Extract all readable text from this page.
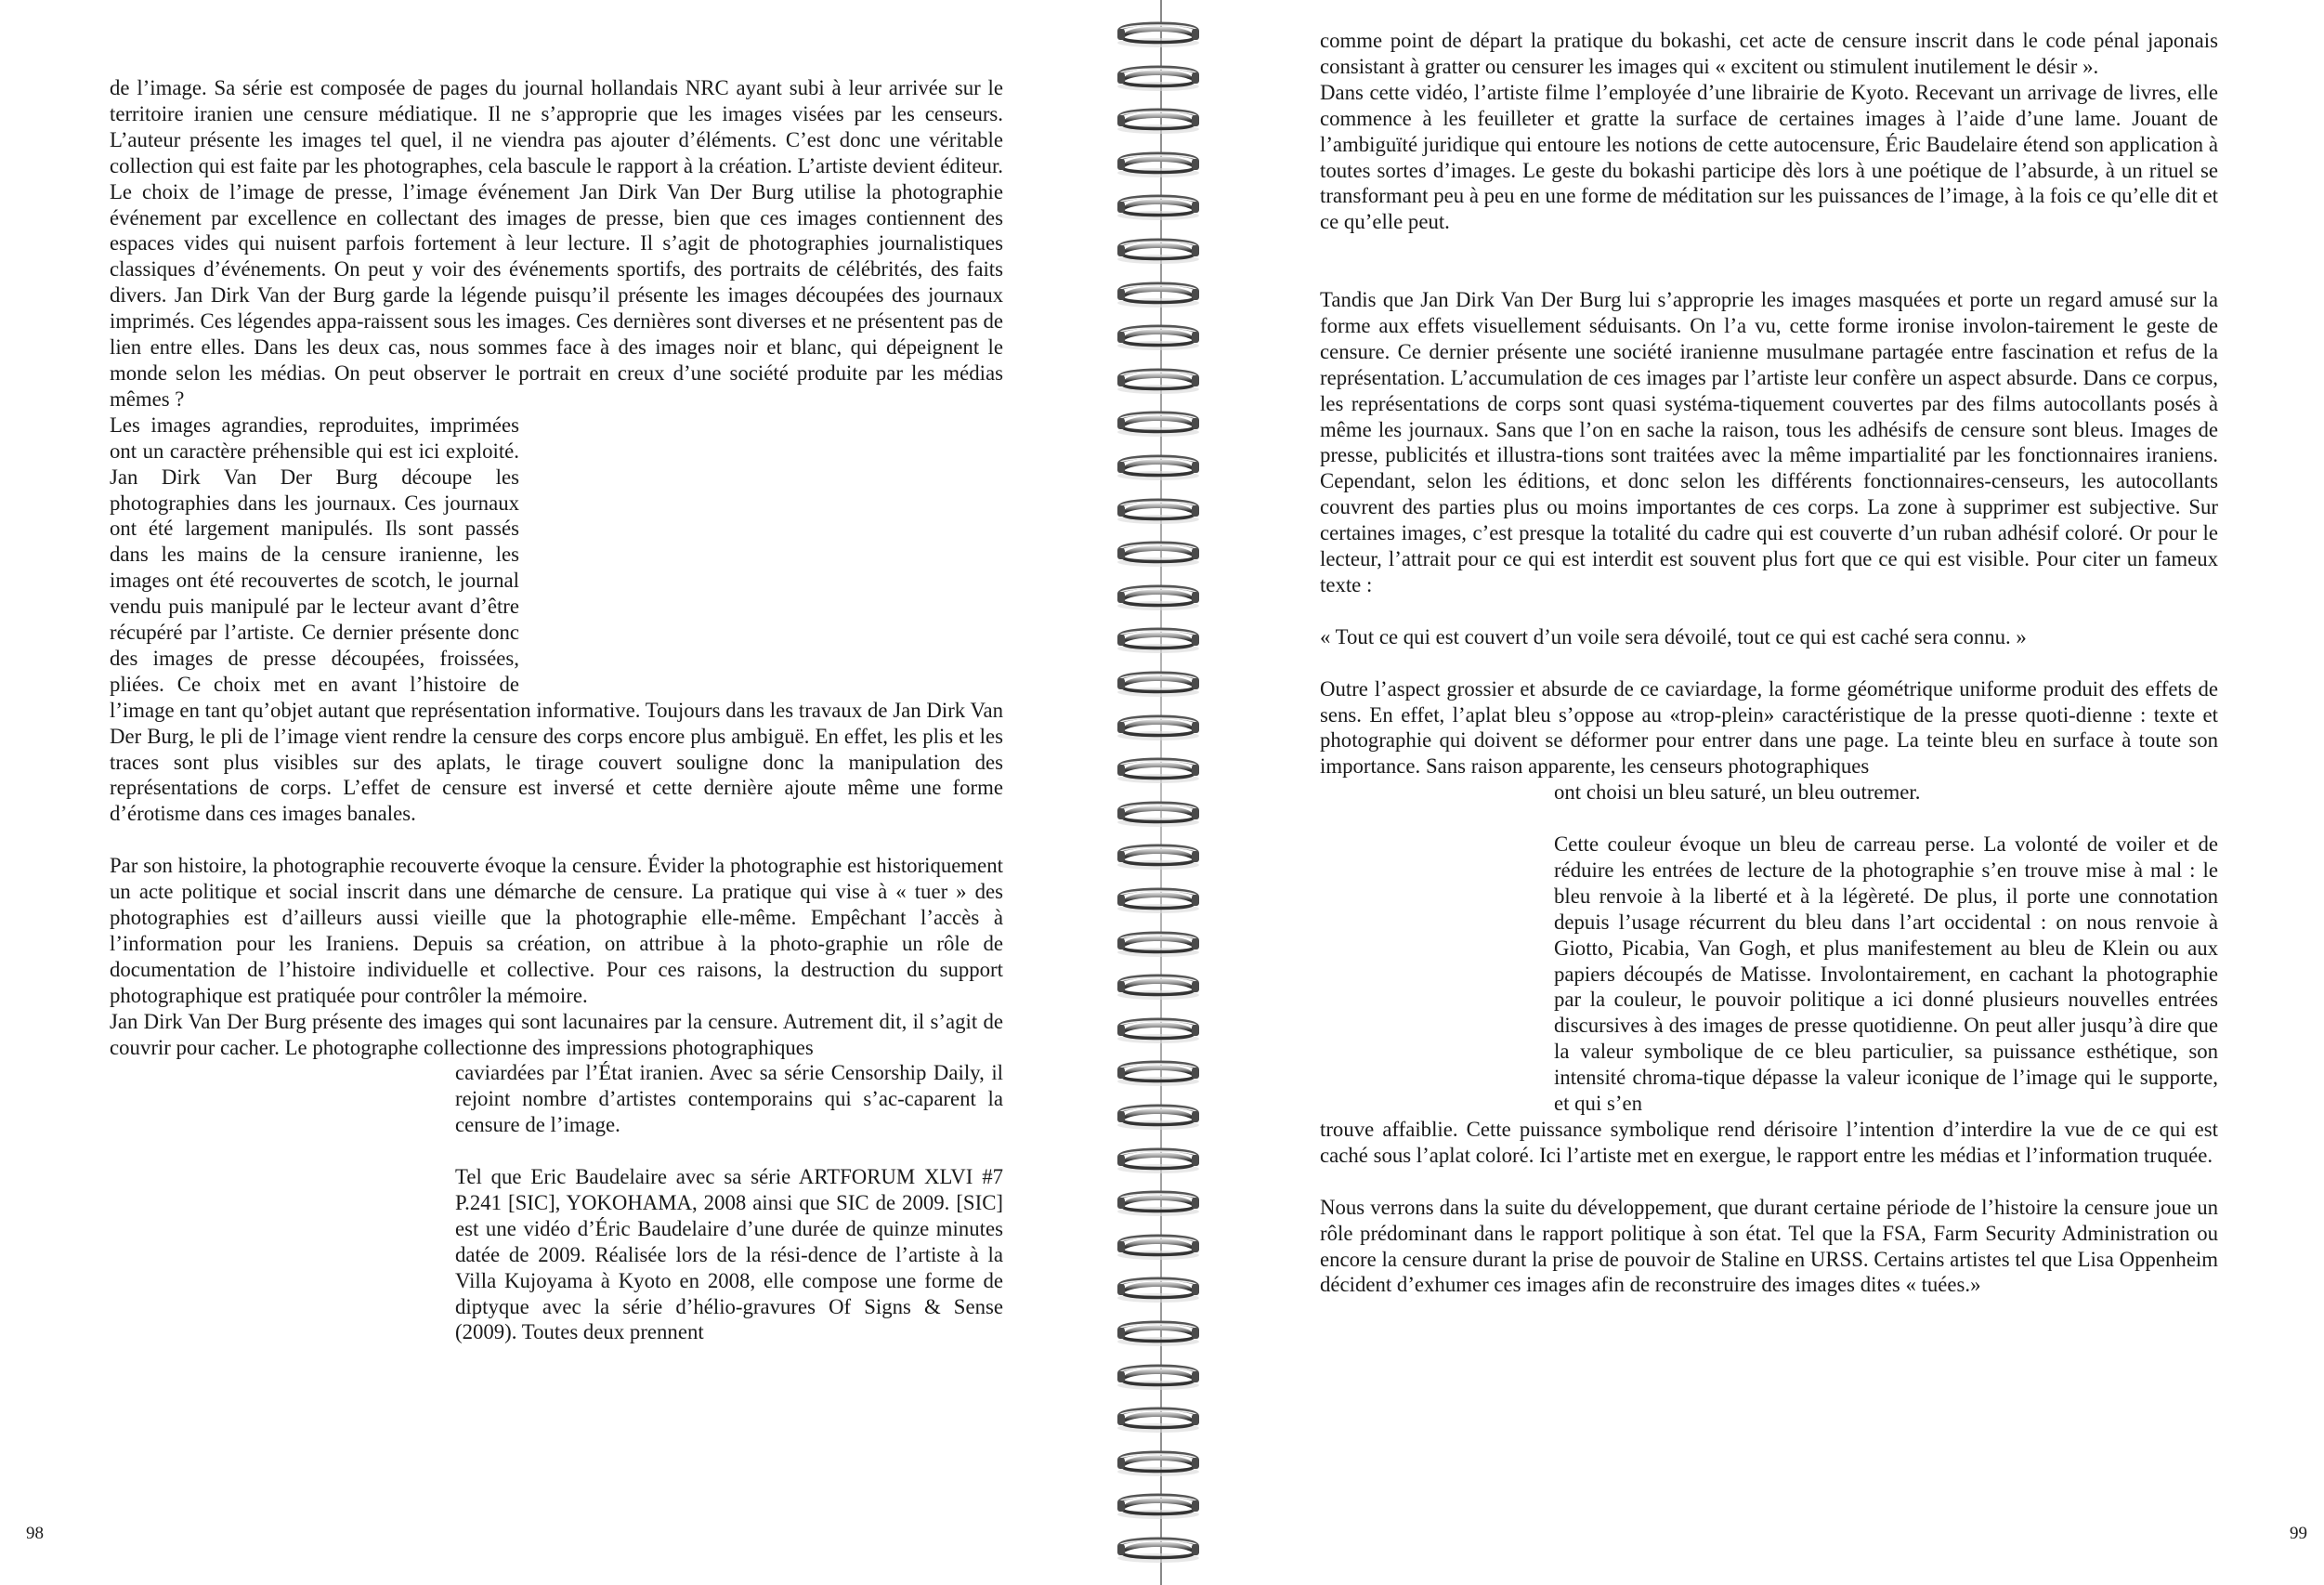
de l’image. Sa série est composée de pages du journal hollandais NRC ayant subi à leur arrivée sur le territoire iranien une censure médiatique. Il ne s’approprie que les images visées par les censeurs. L’auteur présente les images tel quel, il ne viendra pas ajouter d’éléments. C’est donc une véritable collection qui est faite par les photographes, cela bascule le rapport à la création. L’artiste devient éditeur. Le choix de l’image de presse, l’image événement Jan Dirk Van Der Burg utilise la photographie événement par excellence en collectant des images de presse, bien que ces images contiennent des espaces vides qui nuisent parfois fortement à leur lecture. Il s’agit de photographies journalistiques classiques d’événements. On peut y voir des événements sportifs, des portraits de célébrités, des faits divers. Jan Dirk Van der Burg garde la légende puisqu’il présente les images découpées des journaux imprimés. Ces légendes appa-raissent sous les images. Ces dernières sont diverses et ne présentent pas de lien entre elles. Dans les deux cas, nous sommes face à des images noir et blanc, qui dépeignent le monde selon les médias. On peut observer le portrait en creux d’une société produite par les médias mêmes ?

Les images agrandies, reproduites, imprimées ont un caractère préhensible qui est ici exploité. Jan Dirk Van Der Burg découpe les photographies dans les journaux. Ces journaux ont été largement manipulés. Ils sont passés dans les mains de la censure iranienne, les images ont été recouvertes de scotch, le journal vendu puis manipulé par le lecteur avant d’être récupéré par l’artiste. Ce dernier présente donc des images de presse découpées, froissées, pliées. Ce choix met en avant l’histoire de l’image en tant qu’objet autant que représentation informative. Toujours dans les travaux de Jan Dirk Van Der Burg, le pli de l’image vient rendre la censure des corps encore plus ambiguë. En effet, les plis et les traces sont plus visibles sur des aplats, le tirage couvert souligne donc la manipulation des représentations de corps. L’effet de censure est inversé et cette dernière ajoute même une forme d’érotisme dans ces images banales.

Par son histoire, la photographie recouverte évoque la censure. Évider la photographie est historiquement un acte politique et social inscrit dans une démarche de censure. La pratique qui vise à « tuer » des photographies est d’ailleurs aussi vieille que la photographie elle-même. Empêchant l’accès à l’information pour les Iraniens. Depuis sa création, on attribue à la photo-graphie un rôle de documentation de l’histoire individuelle et collective. Pour ces raisons, la destruction du support photographique est pratiquée pour contrôler la mémoire.

Jan Dirk Van Der Burg présente des images qui sont lacunaires par la censure. Autrement dit, il s’agit de couvrir pour cacher. Le photographe collectionne des impressions photographiques

caviardées par l’État iranien. Avec sa série Censorship Daily, il rejoint nombre d’artistes contemporains qui s’ac-caparent la censure de l’image.

Tel que Eric Baudelaire avec sa série ARTFORUM XLVI #7 P.241 [SIC], YOKOHAMA, 2008 ainsi que SIC de 2009. [SIC] est une vidéo d’Éric Baudelaire d’une durée de quinze minutes datée de 2009. Réalisée lors de la rési-dence de l’artiste à la Villa Kujoyama à Kyoto en 2008, elle compose une forme de diptyque avec la série d’hélio-gravures Of Signs & Sense (2009). Toutes deux prennent

98

comme point de départ la pratique du bokashi, cet acte de censure inscrit dans le code pénal japonais consistant à gratter ou censurer les images qui « excitent ou stimulent inutilement le désir ».

Dans cette vidéo, l’artiste filme l’employée d’une librairie de Kyoto. Recevant un arrivage de livres, elle commence à les feuilleter et gratte la surface de certaines images à l’aide d’une lame. Jouant de l’ambiguïté juridique qui entoure les notions de cette autocensure, Éric Baudelaire étend son application à toutes sortes d’images. Le geste du bokashi participe dès lors à une poétique de l’absurde, à un rituel se transformant peu à peu en une forme de méditation sur les puissances de l’image, à la fois ce qu’elle dit et ce qu’elle peut.

Tandis que Jan Dirk Van Der Burg lui s’approprie les images masquées et porte un regard amusé sur la forme aux effets visuellement séduisants. On l’a vu, cette forme ironise involon-tairement le geste de censure. Ce dernier présente une société iranienne musulmane partagée entre fascination et refus de la représentation. L’accumulation de ces images par l’artiste leur confère un aspect absurde. Dans ce corpus, les représentations de corps sont quasi systéma-tiquement couvertes par des films autocollants posés à même les journaux. Sans que l’on en sache la raison, tous les adhésifs de censure sont bleus. Images de presse, publicités et illustra-tions sont traitées avec la même impartialité par les fonctionnaires iraniens. Cependant, selon les éditions, et donc selon les différents fonctionnaires-censeurs, les autocollants couvrent des parties plus ou moins importantes de ces corps. La zone à supprimer est subjective. Sur certaines images, c’est presque la totalité du cadre qui est couverte d’un ruban adhésif coloré. Or pour le lecteur, l’attrait pour ce qui est interdit est souvent plus fort que ce qui est visible. Pour citer un fameux texte :

« Tout ce qui est couvert d’un voile sera dévoilé, tout ce qui est caché sera connu. »

Outre l’aspect grossier et absurde de ce caviardage, la forme géométrique uniforme produit des effets de sens. En effet, l’aplat bleu s’oppose au «trop-plein» caractéristique de la presse quoti-dienne : texte et photographie qui doivent se déformer pour entrer dans une page. La teinte bleu en surface à toute son importance. Sans raison apparente, les censeurs photographiques

ont choisi un bleu saturé, un bleu outremer.

Cette couleur évoque un bleu de carreau perse. La volonté de voiler et de réduire les entrées de lecture de la photographie s’en trouve mise à mal : le bleu renvoie à la liberté et à la légèreté. De plus, il porte une connotation depuis l’usage récurrent du bleu dans l’art occidental : on nous renvoie à Giotto, Picabia, Van Gogh, et plus manifestement au bleu de Klein ou aux papiers découpés de Matisse. Involontairement, en cachant la photographie par la couleur, le pouvoir politique a ici donné plusieurs nouvelles entrées discursives à des images de presse quotidienne. On peut aller jusqu’à dire que la valeur symbolique de ce bleu particulier, sa puissance esthétique, son intensité chroma-tique dépasse la valeur iconique de l’image qui le supporte, et qui s’en

trouve affaiblie. Cette puissance symbolique rend dérisoire l’intention d’interdire la vue de ce qui est caché sous l’aplat coloré. Ici l’artiste met en exergue, le rapport entre les médias et l’information truquée.

Nous verrons dans la suite du développement, que durant certaine période de l’histoire la censure joue un rôle prédominant dans le rapport politique à son état. Tel que la FSA, Farm Security Administration ou encore la censure durant la prise de pouvoir de Staline en URSS. Certains artistes tel que Lisa Oppenheim décident d’exhumer ces images afin de reconstruire des images dites « tuées.»

99
